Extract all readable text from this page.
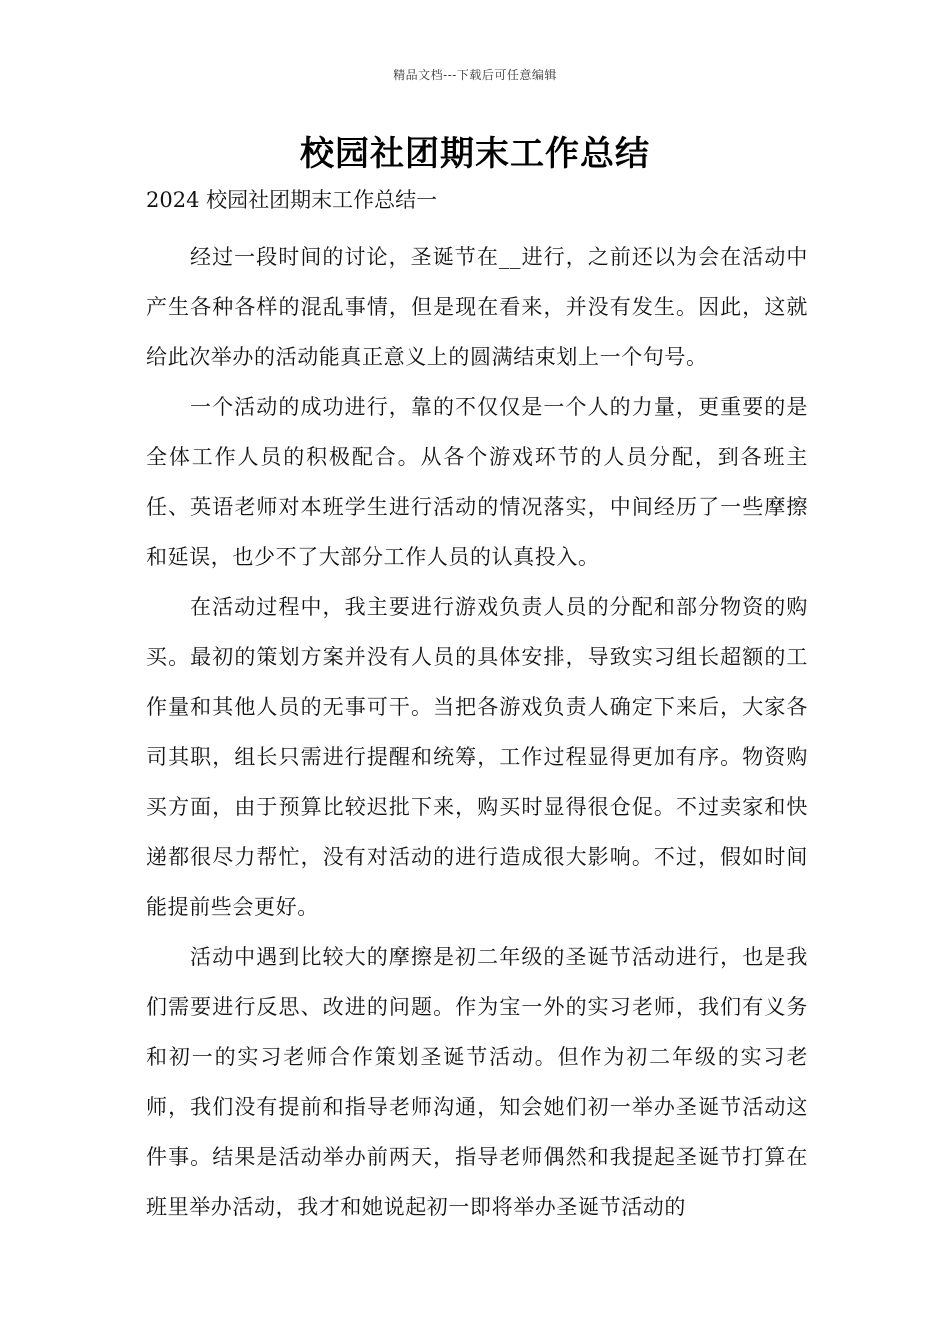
精品文档---下载后可任意编辑
校园社团期末工作总结
2024 校园社团期末工作总结一

经过一段时间的讨论，圣诞节在__进行，之前还以为会在活动中产生各种各样的混乱事情，但是现在看来，并没有发生。因此，这就给此次举办的活动能真正意义上的圆满结束划上一个句号。

一个活动的成功进行，靠的不仅仅是一个人的力量，更重要的是全体工作人员的积极配合。从各个游戏环节的人员分配，到各班主任、英语老师对本班学生进行活动的情况落实，中间经历了一些摩擦和延误，也少不了大部分工作人员的认真投入。

在活动过程中，我主要进行游戏负责人员的分配和部分物资的购买。最初的策划方案并没有人员的具体安排，导致实习组长超额的工作量和其他人员的无事可干。当把各游戏负责人确定下来后，大家各司其职，组长只需进行提醒和统筹，工作过程显得更加有序。物资购买方面，由于预算比较迟批下来，购买时显得很仓促。不过卖家和快递都很尽力帮忙，没有对活动的进行造成很大影响。不过，假如时间能提前些会更好。

活动中遇到比较大的摩擦是初二年级的圣诞节活动进行，也是我们需要进行反思、改进的问题。作为宝一外的实习老师，我们有义务和初一的实习老师合作策划圣诞节活动。但作为初二年级的实习老师，我们没有提前和指导老师沟通，知会她们初一举办圣诞节活动这件事。结果是活动举办前两天，指导老师偶然和我提起圣诞节打算在班里举办活动，我才和她说起初一即将举办圣诞节活动的
